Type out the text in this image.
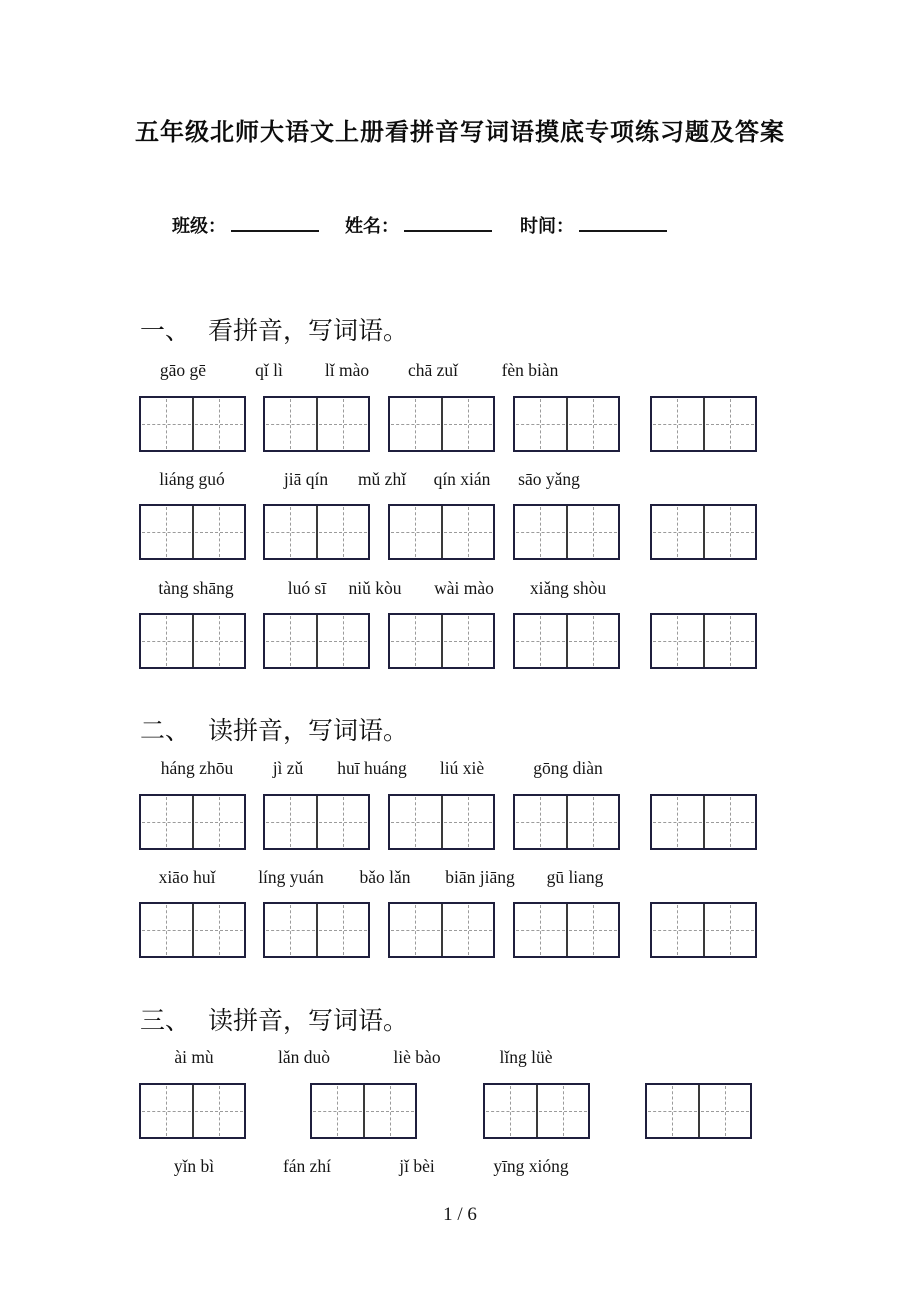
五年级北师大语文上册看拼音写词语摸底专项练习题及答案
班级：	姓名：	时间：
一、 看拼音，写词语。
gāo gē	qǐ lì lǐ mào chā zuǐ fèn biàn
liáng guó	jiā qín mǔ zhǐ qín xián sāo yǎng
tàng shāng	luó sī niǔ kòu wài mào xiǎng shòu
二、 读拼音，写词语。
háng zhōu jì zǔ huī huáng liú xiè	gōng diàn
xiāo huǐ líng yuán bǎo lǎn biān jiāng gū liang
三、 读拼音，写词语。
ài mù	lǎn duò	liè bào	lǐng lüè
yǐn bì	fán zhí	jǐ bèi	yīng xióng
1 / 6
